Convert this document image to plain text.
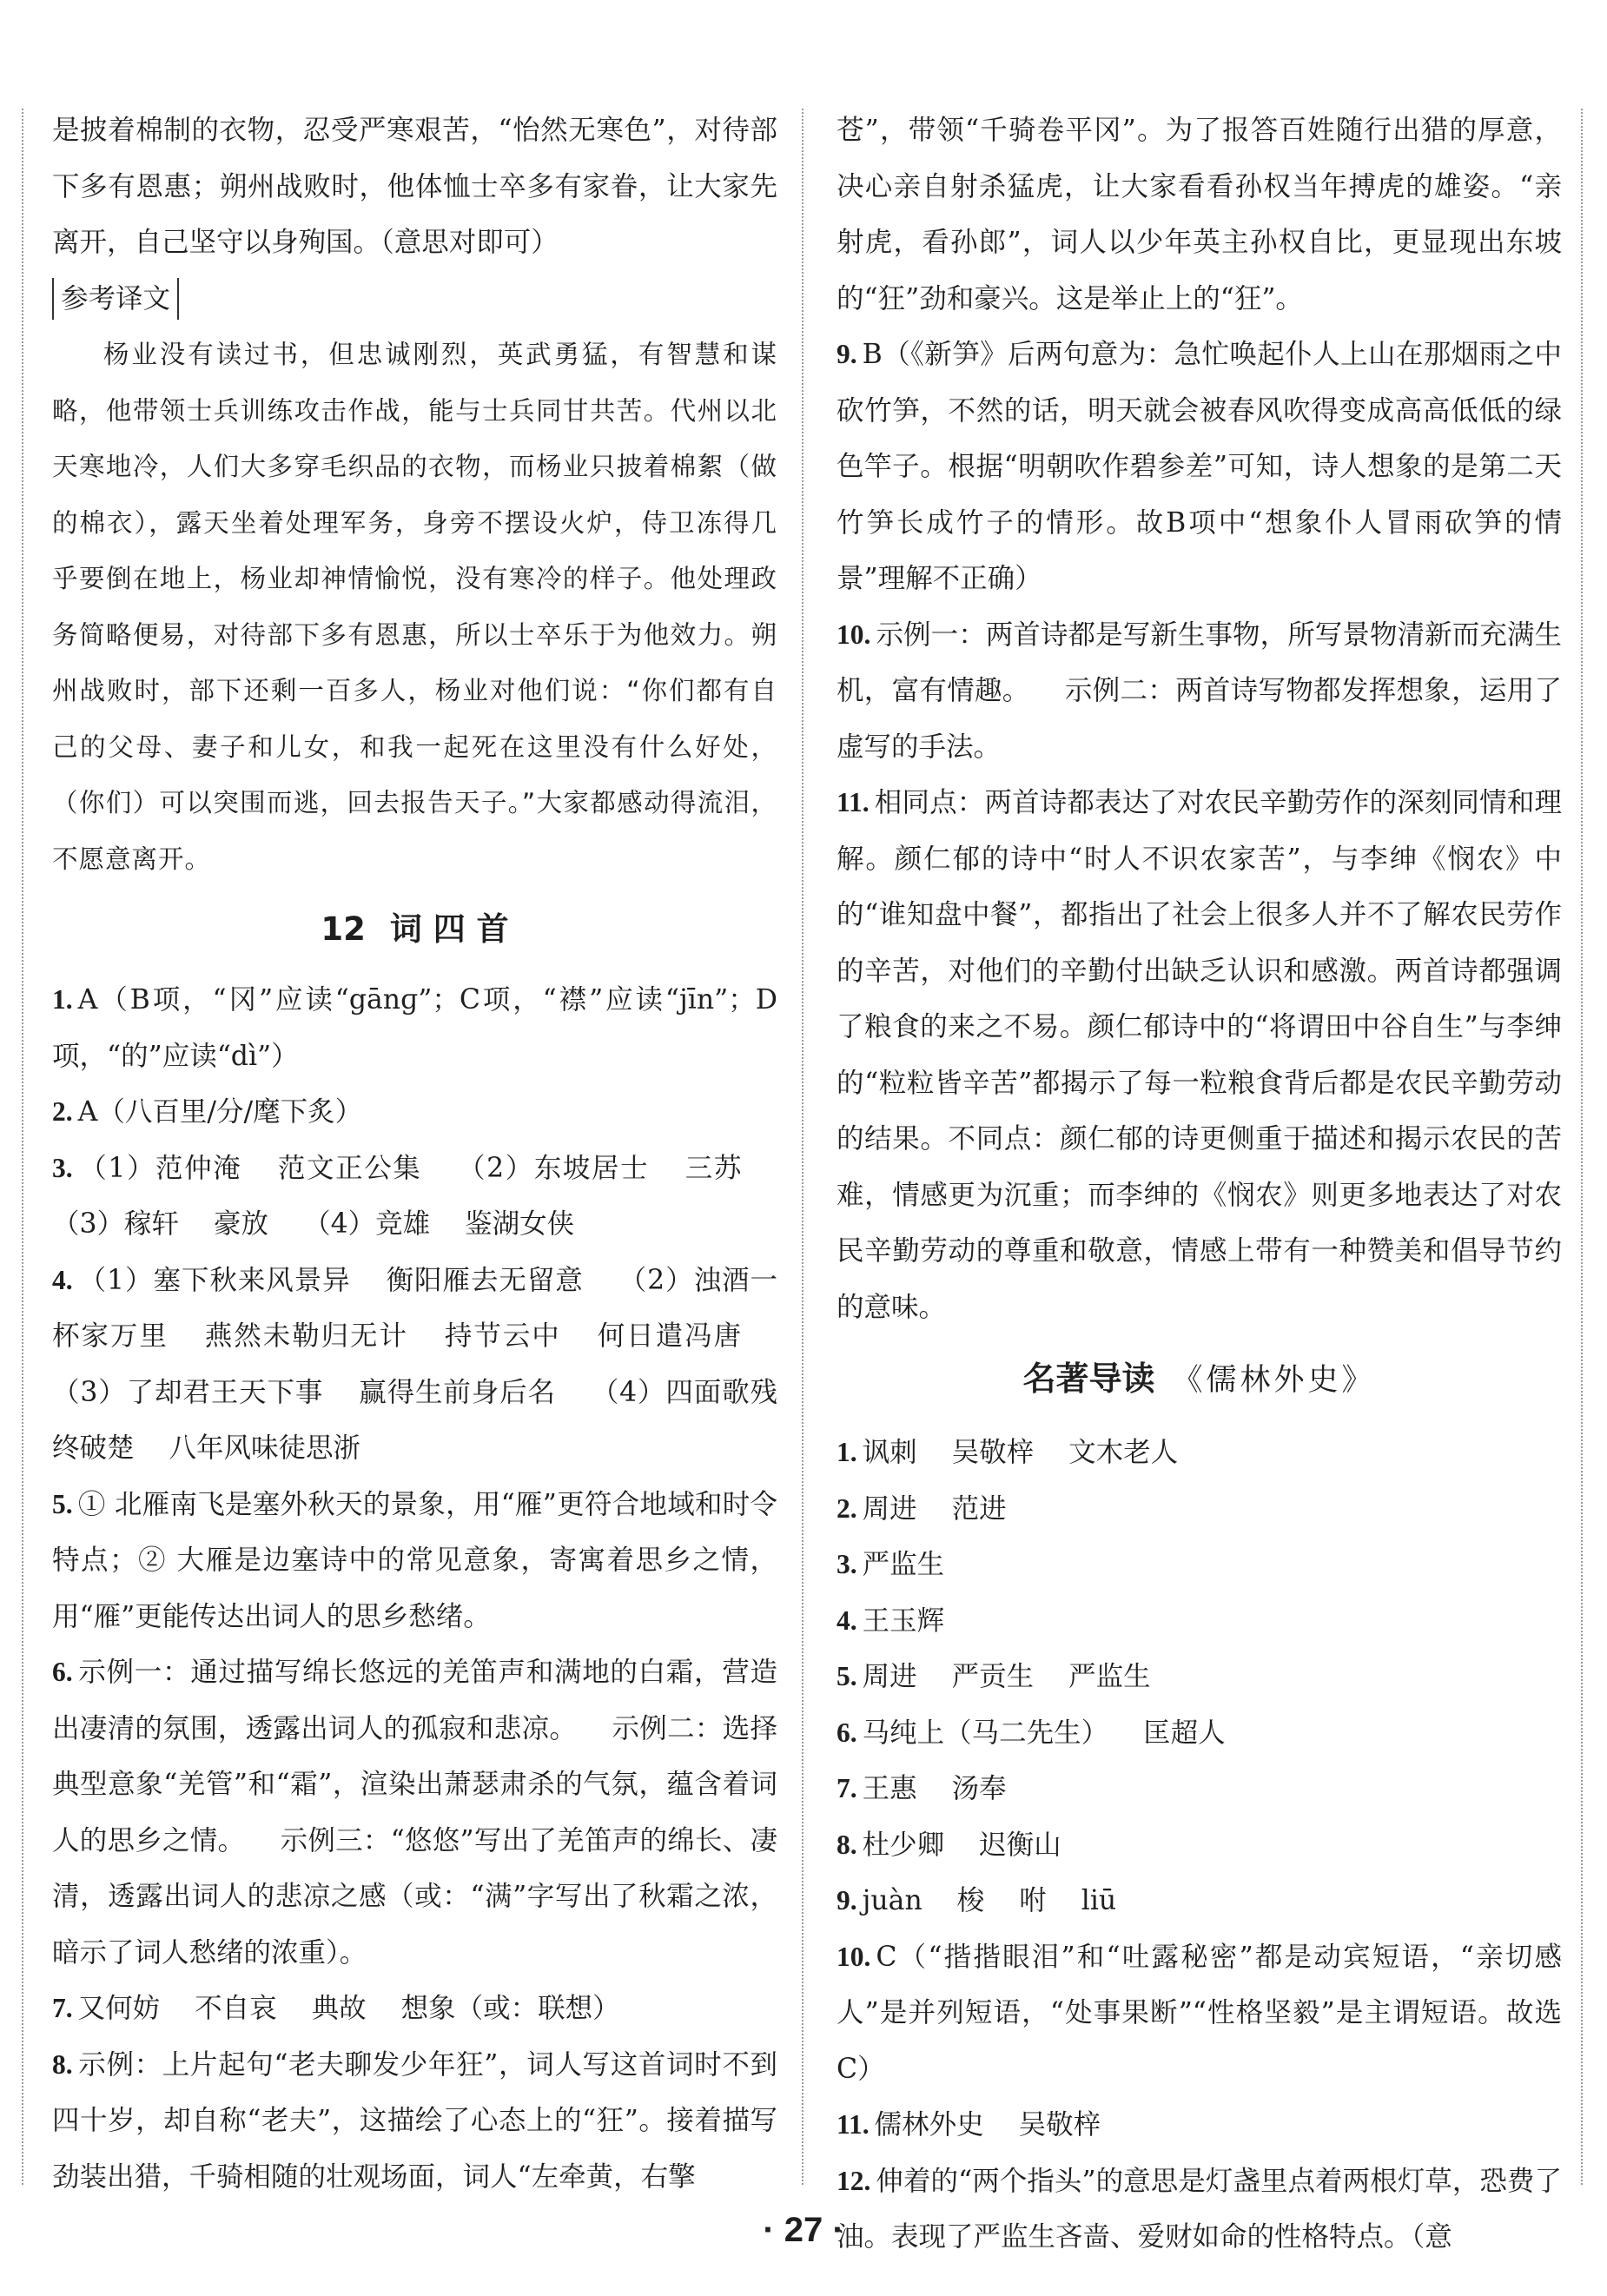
是披着棉制的衣物，忍受严寒艰苦，“怡然无寒色”，对待部下多有恩惠；朔州战败时，他体恤士卒多有家眷，让大家先离开，自己坚守以身殉国。（意思对即可）

参考译文

杨业没有读过书，但忠诚刚烈，英武勇猛，有智慧和谋略，他带领士兵训练攻击作战，能与士兵同甘共苦。代州以北天寒地冷，人们大多穿毛织品的衣物，而杨业只披着棉絮（做的棉衣），露天坐着处理军务，身旁不摆设火炉，侍卫冻得几乎要倒在地上，杨业却神情愉悦，没有寒冷的样子。他处理政务简略便易，对待部下多有恩惠，所以士卒乐于为他效力。朔州战败时，部下还剩一百多人，杨业对他们说：“你们都有自己的父母、妻子和儿女，和我一起死在这里没有什么好处，（你们）可以突围而逃，回去报告天子。”大家都感动得流泪，不愿意离开。

12 词 四 首

1. A（B项，“冈”应读“gānɡ”；C项，“襟”应读“jīn”；D项，“的”应读“dì”）

2. A（八百里/分/麾下炙）

3. （1）范仲淹 范文正公集 （2）东坡居士 三苏（3）稼轩 豪放 （4）竞雄 鉴湖女侠

4. （1）塞下秋来风景异 衡阳雁去无留意 （2）浊酒一杯家万里 燕然未勒归无计 持节云中 何日遣冯唐（3）了却君王天下事 赢得生前身后名 （4）四面歌残终破楚 八年风味徒思浙

5. ① 北雁南飞是塞外秋天的景象，用“雁”更符合地域和时令特点；② 大雁是边塞诗中的常见意象，寄寓着思乡之情，用“雁”更能传达出词人的思乡愁绪。

6. 示例一：通过描写绵长悠远的羌笛声和满地的白霜，营造出凄清的氛围，透露出词人的孤寂和悲凉。 示例二：选择典型意象“羌管”和“霜”，渲染出萧瑟肃杀的气氛，蕴含着词人的思乡之情。 示例三：“悠悠”写出了羌笛声的绵长、凄清，透露出词人的悲凉之感（或：“满”字写出了秋霜之浓，暗示了词人愁绪的浓重）。

7. 又何妨 不自哀 典故 想象（或：联想）

8. 示例：上片起句“老夫聊发少年狂”，词人写这首词时不到四十岁，却自称“老夫”，这描绘了心态上的“狂”。接着描写劲装出猎，千骑相随的壮观场面，词人“左牵黄，右擎

苍”，带领“千骑卷平冈”。为了报答百姓随行出猎的厚意，决心亲自射杀猛虎，让大家看看孙权当年搏虎的雄姿。“亲射虎，看孙郎”，词人以少年英主孙权自比，更显现出东坡的“狂”劲和豪兴。这是举止上的“狂”。

9. B（《新笋》后两句意为：急忙唤起仆人上山在那烟雨之中砍竹笋，不然的话，明天就会被春风吹得变成高高低低的绿色竿子。根据“明朝吹作碧参差”可知，诗人想象的是第二天竹笋长成竹子的情形。故B项中“想象仆人冒雨砍笋的情景”理解不正确）

10. 示例一：两首诗都是写新生事物，所写景物清新而充满生机，富有情趣。 示例二：两首诗写物都发挥想象，运用了虚写的手法。

11. 相同点：两首诗都表达了对农民辛勤劳作的深刻同情和理解。颜仁郁的诗中“时人不识农家苦”，与李绅《悯农》中的“谁知盘中餐”，都指出了社会上很多人并不了解农民劳作的辛苦，对他们的辛勤付出缺乏认识和感激。两首诗都强调了粮食的来之不易。颜仁郁诗中的“将谓田中谷自生”与李绅的“粒粒皆辛苦”都揭示了每一粒粮食背后都是农民辛勤劳动的结果。不同点：颜仁郁的诗更侧重于描述和揭示农民的苦难，情感更为沉重；而李绅的《悯农》则更多地表达了对农民辛勤劳动的尊重和敬意，情感上带有一种赞美和倡导节约的意味。

名著导读 《儒林外史》

1. 讽刺 吴敬梓 文木老人

2. 周进 范进

3. 严监生

4. 王玉辉

5. 周进 严贡生 严监生

6. 马纯上（马二先生） 匡超人

7. 王惠 汤奉

8. 杜少卿 迟衡山

9. juàn 梭 咐 liū

10. C（“揩揩眼泪”和“吐露秘密”都是动宾短语，“亲切感人”是并列短语，“处事果断”“性格坚毅”是主谓短语。故选C）

11. 儒林外史 吴敬梓

12. 伸着的“两个指头”的意思是灯盏里点着两根灯草，恐费了油。表现了严监生吝啬、爱财如命的性格特点。（意

· 27 ·
